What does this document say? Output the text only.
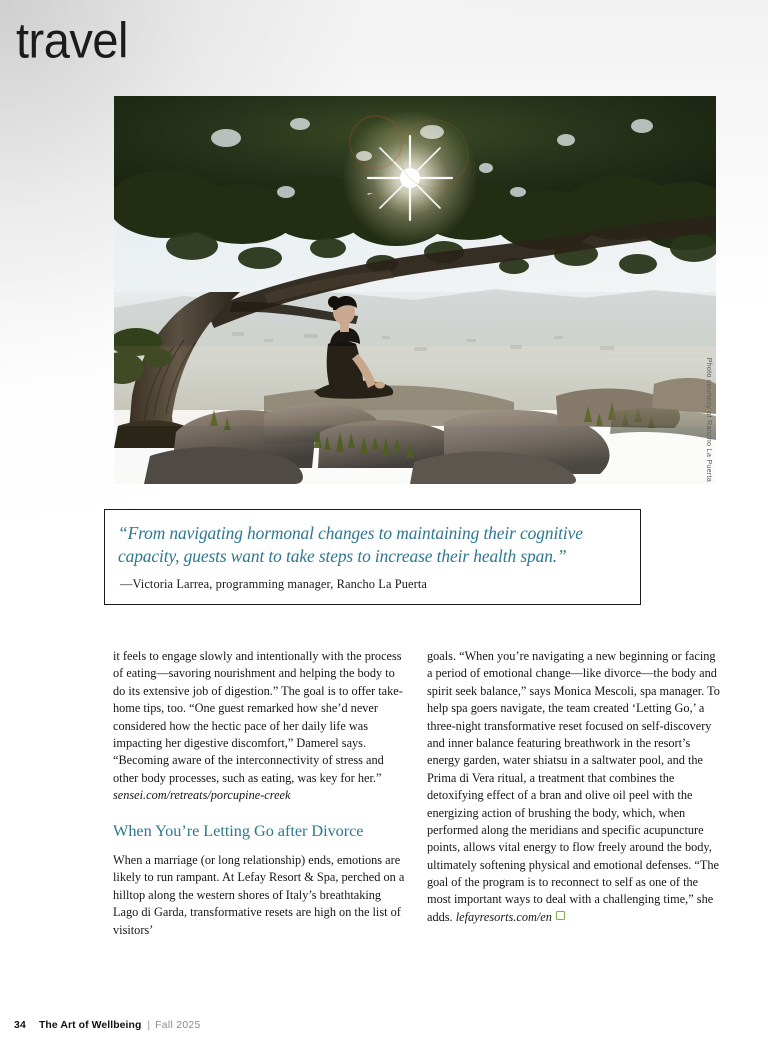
travel
Photo courtesy of Rancho La Puerta

“From navigating hormonal changes to maintaining their cognitive capacity, guests want to take steps to increase their health span.”

—Victoria Larrea, programming manager, Rancho La Puerta

it feels to engage slowly and intentionally with the process of eating—savoring nourishment and helping the body to do its extensive job of digestion.” The goal is to offer take-home tips, too. “One guest remarked how she’d never considered how the hectic pace of her daily life was impacting her digestive discomfort,” Damerel says. “Becoming aware of the interconnectivity of stress and other body processes, such as eating, was key for her.” sensei.com/retreats/porcupine-creek

When You’re Letting Go after Divorce

When a marriage (or long relationship) ends, emotions are likely to run rampant. At Lefay Resort & Spa, perched on a hilltop along the western shores of Italy’s breathtaking Lago di Garda, transformative resets are high on the list of visitors’

goals. “When you’re navigating a new beginning or facing a period of emotional change—like divorce—the body and spirit seek balance,” says Monica Mescoli, spa manager. To help spa goers navigate, the team created ‘Letting Go,’ a three-night transformative reset focused on self-discovery and inner balance featuring breathwork in the resort’s energy garden, water shiatsu in a saltwater pool, and the Prima di Vera ritual, a treatment that combines the detoxifying effect of a bran and olive oil peel with the energizing action of brushing the body, which, when performed along the meridians and specific acupuncture points, allows vital energy to flow freely around the body, ultimately softening physical and emotional defenses. “The goal of the program is to reconnect to self as one of the most important ways to deal with a challenging time,” she adds. lefayresorts.com/en

34 The Art of Wellbeing | Fall 2025
